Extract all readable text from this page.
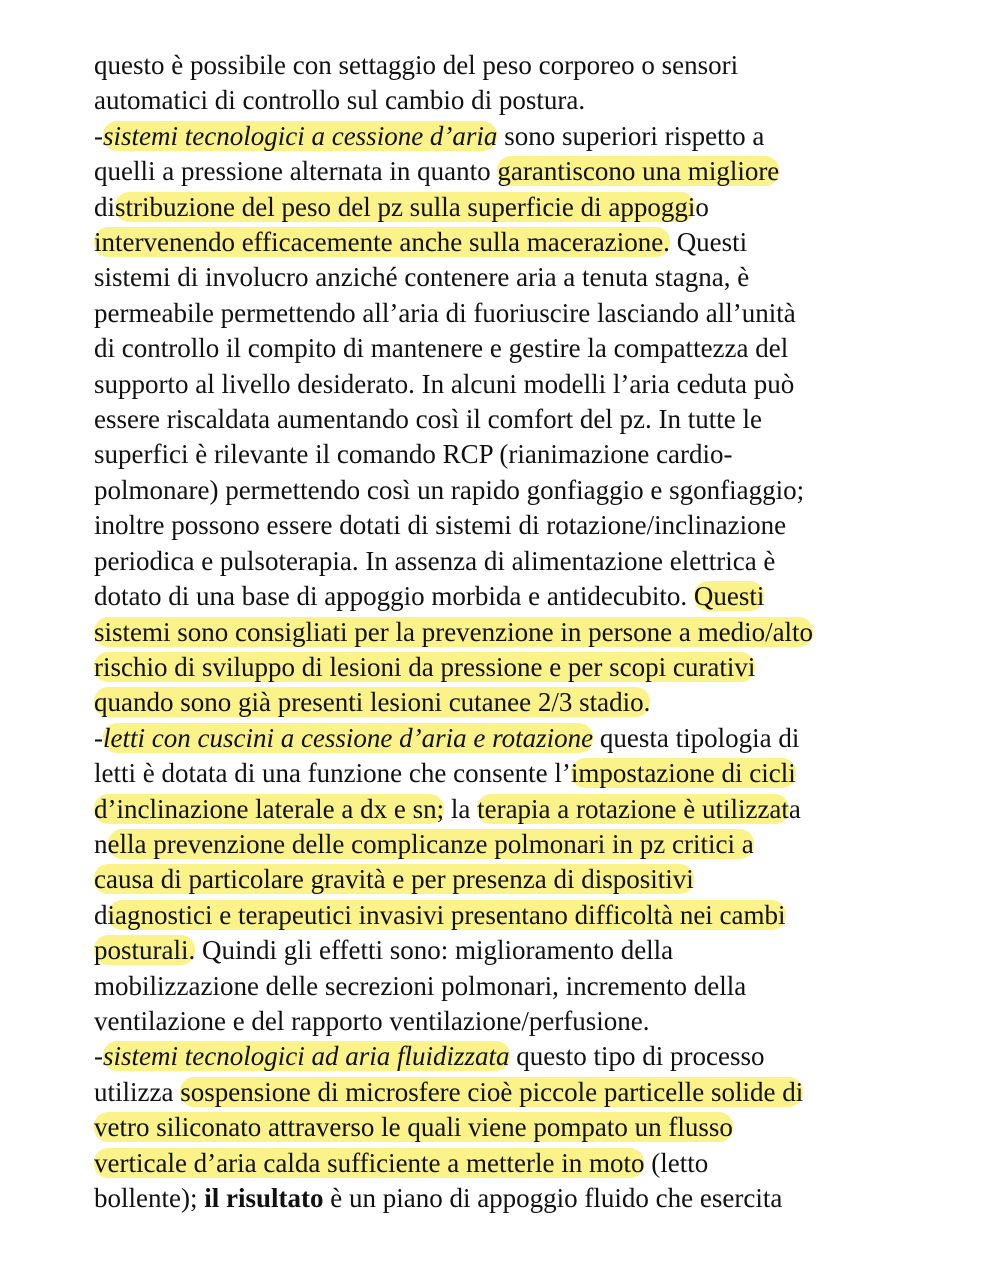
questo è possibile con settaggio del peso corporeo o sensori
automatici di controllo sul cambio di postura.
-sistemi tecnologici a cessione d’aria sono superiori rispetto a
quelli a pressione alternata in quanto garantiscono una migliore
distribuzione del peso del pz sulla superficie di appoggio
intervenendo efficacemente anche sulla macerazione. Questi
sistemi di involucro anziché contenere aria a tenuta stagna, è
permeabile permettendo all’aria di fuoriuscire lasciando all’unità
di controllo il compito di mantenere e gestire la compattezza del
supporto al livello desiderato. In alcuni modelli l’aria ceduta può
essere riscaldata aumentando così il comfort del pz. In tutte le
superfici è rilevante il comando RCP (rianimazione cardio-
polmonare) permettendo così un rapido gonfiaggio e sgonfiaggio;
inoltre possono essere dotati di sistemi di rotazione/inclinazione
periodica e pulsoterapia. In assenza di alimentazione elettrica è
dotato di una base di appoggio morbida e antidecubito. Questi
sistemi sono consigliati per la prevenzione in persone a medio/alto
rischio di sviluppo di lesioni da pressione e per scopi curativi
quando sono già presenti lesioni cutanee 2/3 stadio.
-letti con cuscini a cessione d’aria e rotazione questa tipologia di
letti è dotata di una funzione che consente l’impostazione di cicli
d’inclinazione laterale a dx e sn; la terapia a rotazione è utilizzata
nella prevenzione delle complicanze polmonari in pz critici a
causa di particolare gravità e per presenza di dispositivi
diagnostici e terapeutici invasivi presentano difficoltà nei cambi
posturali. Quindi gli effetti sono: miglioramento della
mobilizzazione delle secrezioni polmonari, incremento della
ventilazione e del rapporto ventilazione/perfusione.
-sistemi tecnologici ad aria fluidizzata questo tipo di processo
utilizza sospensione di microsfere cioè piccole particelle solide di
vetro siliconato attraverso le quali viene pompato un flusso
verticale d’aria calda sufficiente a metterle in moto (letto
bollente); il risultato è un piano di appoggio fluido che esercita
